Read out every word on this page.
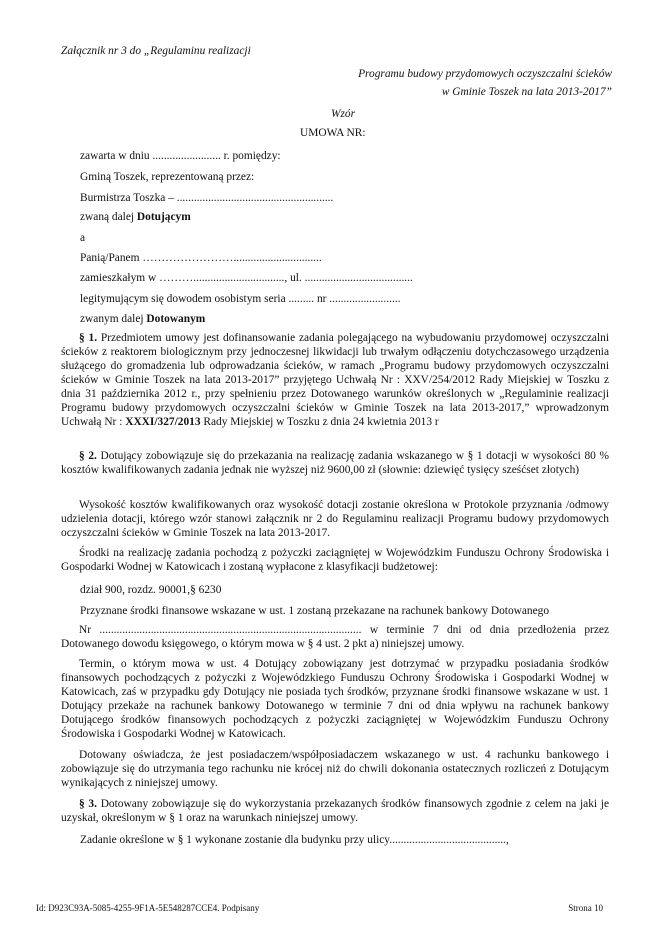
Załącznik nr 3 do „Regulaminu realizacji
Programu budowy przydomowych oczyszczalni ścieków
w Gminie Toszek na lata 2013-2017”
Wzór
UMOWA NR:
zawarta w dniu ........................ r. pomiędzy:
Gminą Toszek, reprezentowaną przez:
Burmistrza Toszka – .......................................................
zwaną dalej Dotującym
a
Panią/Panem ……………………...............................
zamieszkałym w ………................................, ul. ......................................
legitymującym się dowodem osobistym seria ......... nr .........................
zwanym dalej Dotowanym
§ 1. Przedmiotem umowy jest dofinansowanie zadania polegającego na wybudowaniu przydomowej oczyszczalni ścieków z reaktorem biologicznym przy jednoczesnej likwidacji lub trwałym odłączeniu dotychczasowego urządzenia służącego do gromadzenia lub odprowadzania ścieków, w ramach „Programu budowy przydomowych oczyszczalni ścieków w Gminie Toszek na lata 2013-2017” przyjętego Uchwałą Nr : XXV/254/2012 Rady Miejskiej w Toszku z dnia 31 października 2012 r., przy spełnieniu przez Dotowanego warunków określonych w „Regulaminie realizacji Programu budowy przydomowych oczyszczalni ścieków w Gminie Toszek na lata 2013-2017,” wprowadzonym Uchwałą Nr : XXXI/327/2013 Rady Miejskiej w Toszku z dnia 24 kwietnia 2013 r
§ 2. Dotujący zobowiązuje się do przekazania na realizację zadania wskazanego w § 1 dotacji w wysokości 80 % kosztów kwalifikowanych zadania jednak nie wyższej niż 9600,00 zł (słownie: dziewięć tysięcy sześćset złotych)
Wysokość kosztów kwalifikowanych oraz wysokość dotacji zostanie określona w Protokole przyznania /odmowy udzielenia dotacji, którego wzór stanowi załącznik nr 2 do Regulaminu realizacji Programu budowy przydomowych oczyszczalni ścieków w Gminie Toszek na lata 2013-2017.
Środki na realizację zadania pochodzą z pożyczki zaciągniętej w Wojewódzkim Funduszu Ochrony Środowiska i Gospodarki Wodnej w Katowicach i zostaną wypłacone z klasyfikacji budżetowej:
dział 900, rozdz. 90001,§ 6230
Przyznane środki finansowe wskazane w ust. 1 zostaną przekazane na rachunek bankowy Dotowanego
Nr ............................................................................................ w terminie 7 dni od dnia przedłożenia przez Dotowanego dowodu księgowego, o którym mowa w § 4 ust. 2 pkt a) niniejszej umowy.
Termin, o którym mowa w ust. 4 Dotujący zobowiązany jest dotrzymać w przypadku posiadania środków finansowych pochodzących z pożyczki z Wojewódzkiego Funduszu Ochrony Środowiska i Gospodarki Wodnej w Katowicach, zaś w przypadku gdy Dotujący nie posiada tych środków, przyznane środki finansowe wskazane w ust. 1 Dotujący przekaże na rachunek bankowy Dotowanego w terminie 7 dni od dnia wpływu na rachunek bankowy Dotującego środków finansowych pochodzących z pożyczki zaciągniętej w Wojewódzkim Funduszu Ochrony Środowiska i Gospodarki Wodnej w Katowicach.
Dotowany oświadcza, że jest posiadaczem/współposiadaczem wskazanego w ust. 4 rachunku bankowego i zobowiązuje się do utrzymania tego rachunku nie krócej niż do chwili dokonania ostatecznych rozliczeń z Dotującym wynikających z niniejszej umowy.
§ 3. Dotowany zobowiązuje się do wykorzystania przekazanych środków finansowych zgodnie z celem na jaki je uzyskał, określonym w § 1 oraz na warunkach niniejszej umowy.
Zadanie określone w § 1 wykonane zostanie dla budynku przy ulicy.........................................,
Id: D923C93A-5085-4255-9F1A-5E548287CCE4. Podpisany	Strona 10
